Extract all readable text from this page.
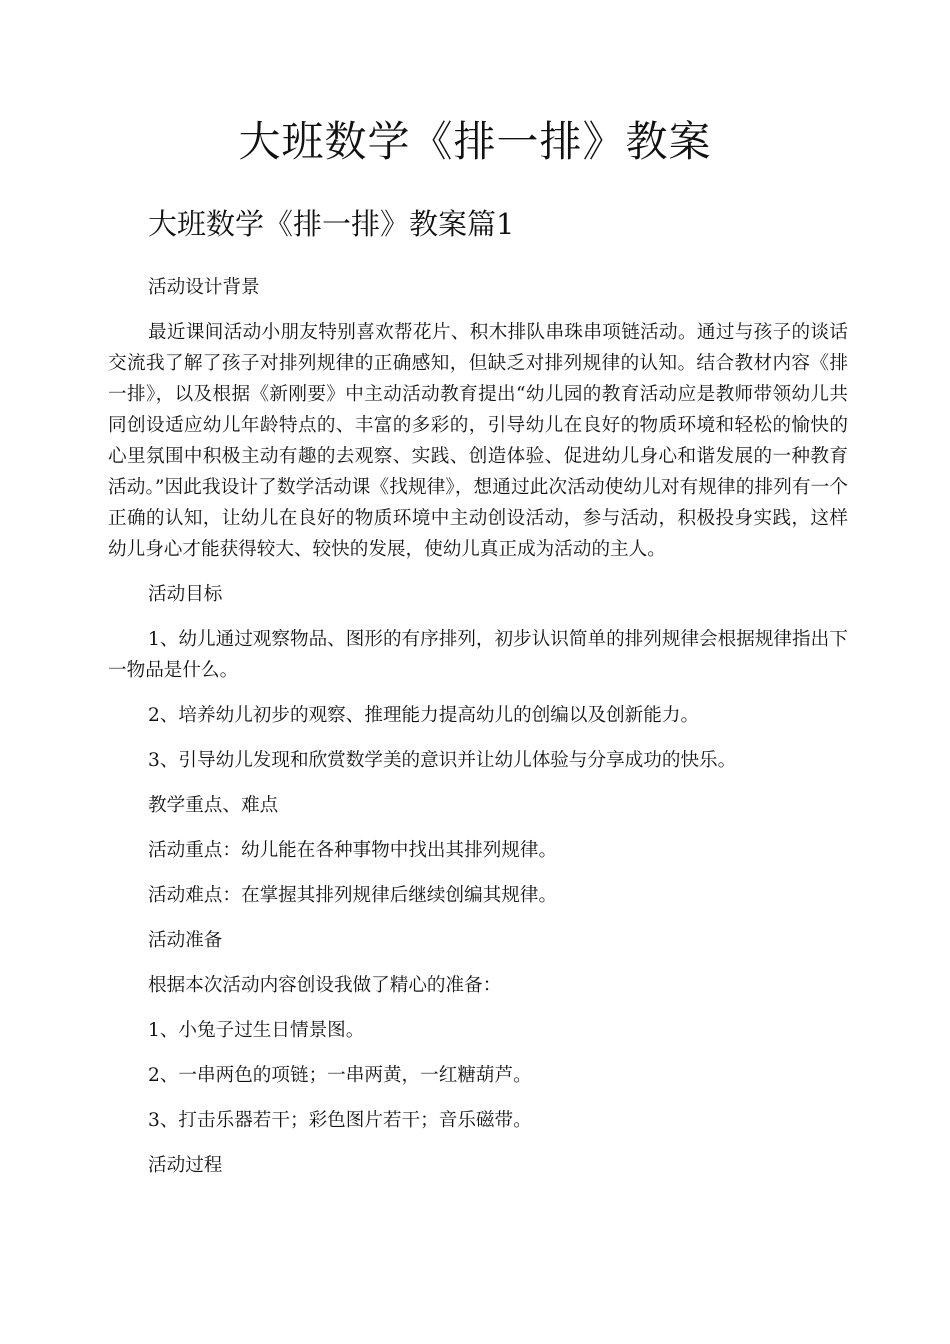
大班数学《排一排》教案
大班数学《排一排》教案篇1

活动设计背景

最近课间活动小朋友特别喜欢帮花片、积木排队串珠串项链活动。通过与孩子的谈话交流我了解了孩子对排列规律的正确感知，但缺乏对排列规律的认知。结合教材内容《排一排》，以及根据《新刚要》中主动活动教育提出“幼儿园的教育活动应是教师带领幼儿共同创设适应幼儿年龄特点的、丰富的多彩的，引导幼儿在良好的物质环境和轻松的愉快的心里氛围中积极主动有趣的去观察、实践、创造体验、促进幼儿身心和谐发展的一种教育活动。”因此我设计了数学活动课《找规律》，想通过此次活动使幼儿对有规律的排列有一个正确的认知，让幼儿在良好的物质环境中主动创设活动，参与活动，积极投身实践，这样幼儿身心才能获得较大、较快的发展，使幼儿真正成为活动的主人。

活动目标

1、幼儿通过观察物品、图形的有序排列，初步认识简单的排列规律会根据规律指出下一物品是什么。

2、培养幼儿初步的观察、推理能力提高幼儿的创编以及创新能力。

3、引导幼儿发现和欣赏数学美的意识并让幼儿体验与分享成功的快乐。

教学重点、难点

活动重点：幼儿能在各种事物中找出其排列规律。

活动难点：在掌握其排列规律后继续创编其规律。

活动准备

根据本次活动内容创设我做了精心的准备：

1、小兔子过生日情景图。

2、一串两色的项链；一串两黄，一红糖葫芦。

3、打击乐器若干；彩色图片若干；音乐磁带。

活动过程
